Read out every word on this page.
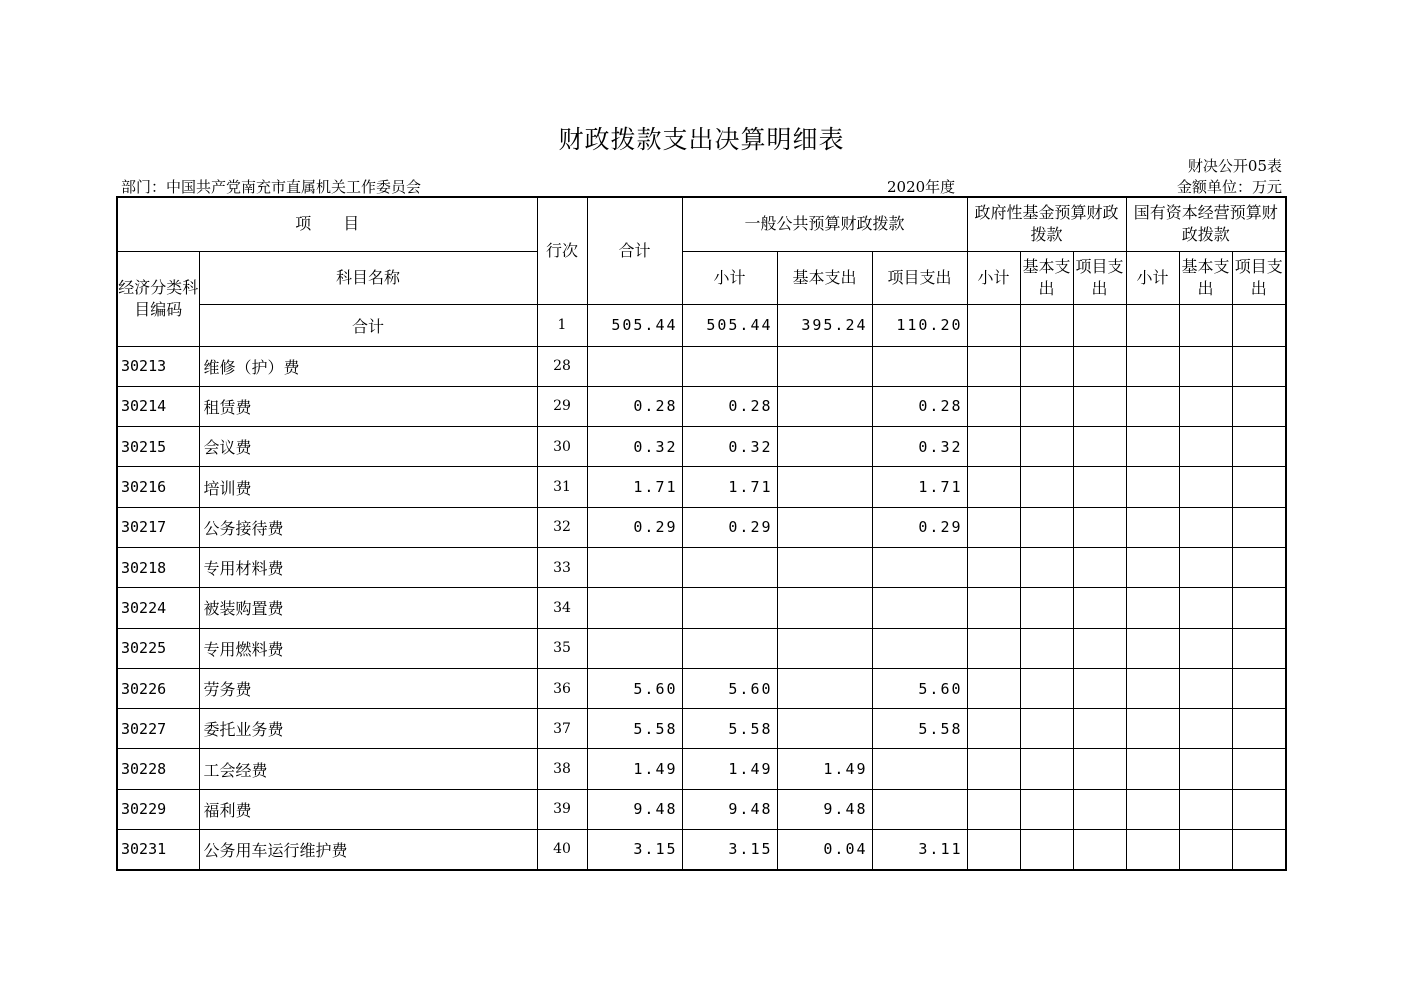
财政拨款支出决算明细表
财决公开05表
部门：中国共产党南充市直属机关工作委员会	2020年度	金额单位：万元
项　　目		行次	合计	一般公共预算财政拨款			政府性基金预算财政拨款			国有资本经营预算财政拨款		
经济分类科目编码	科目名称			小计	基本支出	项目支出	小计	基本支出	项目支出	小计	基本支出	项目支出
	合计	1	505.44	505.44	395.24	110.20						
30213	维修（护）费	28										
30214	租赁费	29	0.28	0.28		0.28						
30215	会议费	30	0.32	0.32		0.32						
30216	培训费	31	1.71	1.71		1.71						
30217	公务接待费	32	0.29	0.29		0.29						
30218	专用材料费	33										
30224	被装购置费	34										
30225	专用燃料费	35										
30226	劳务费	36	5.60	5.60		5.60						
30227	委托业务费	37	5.58	5.58		5.58						
30228	工会经费	38	1.49	1.49	1.49							
30229	福利费	39	9.48	9.48	9.48							
30231	公务用车运行维护费	40	3.15	3.15	0.04	3.11						
